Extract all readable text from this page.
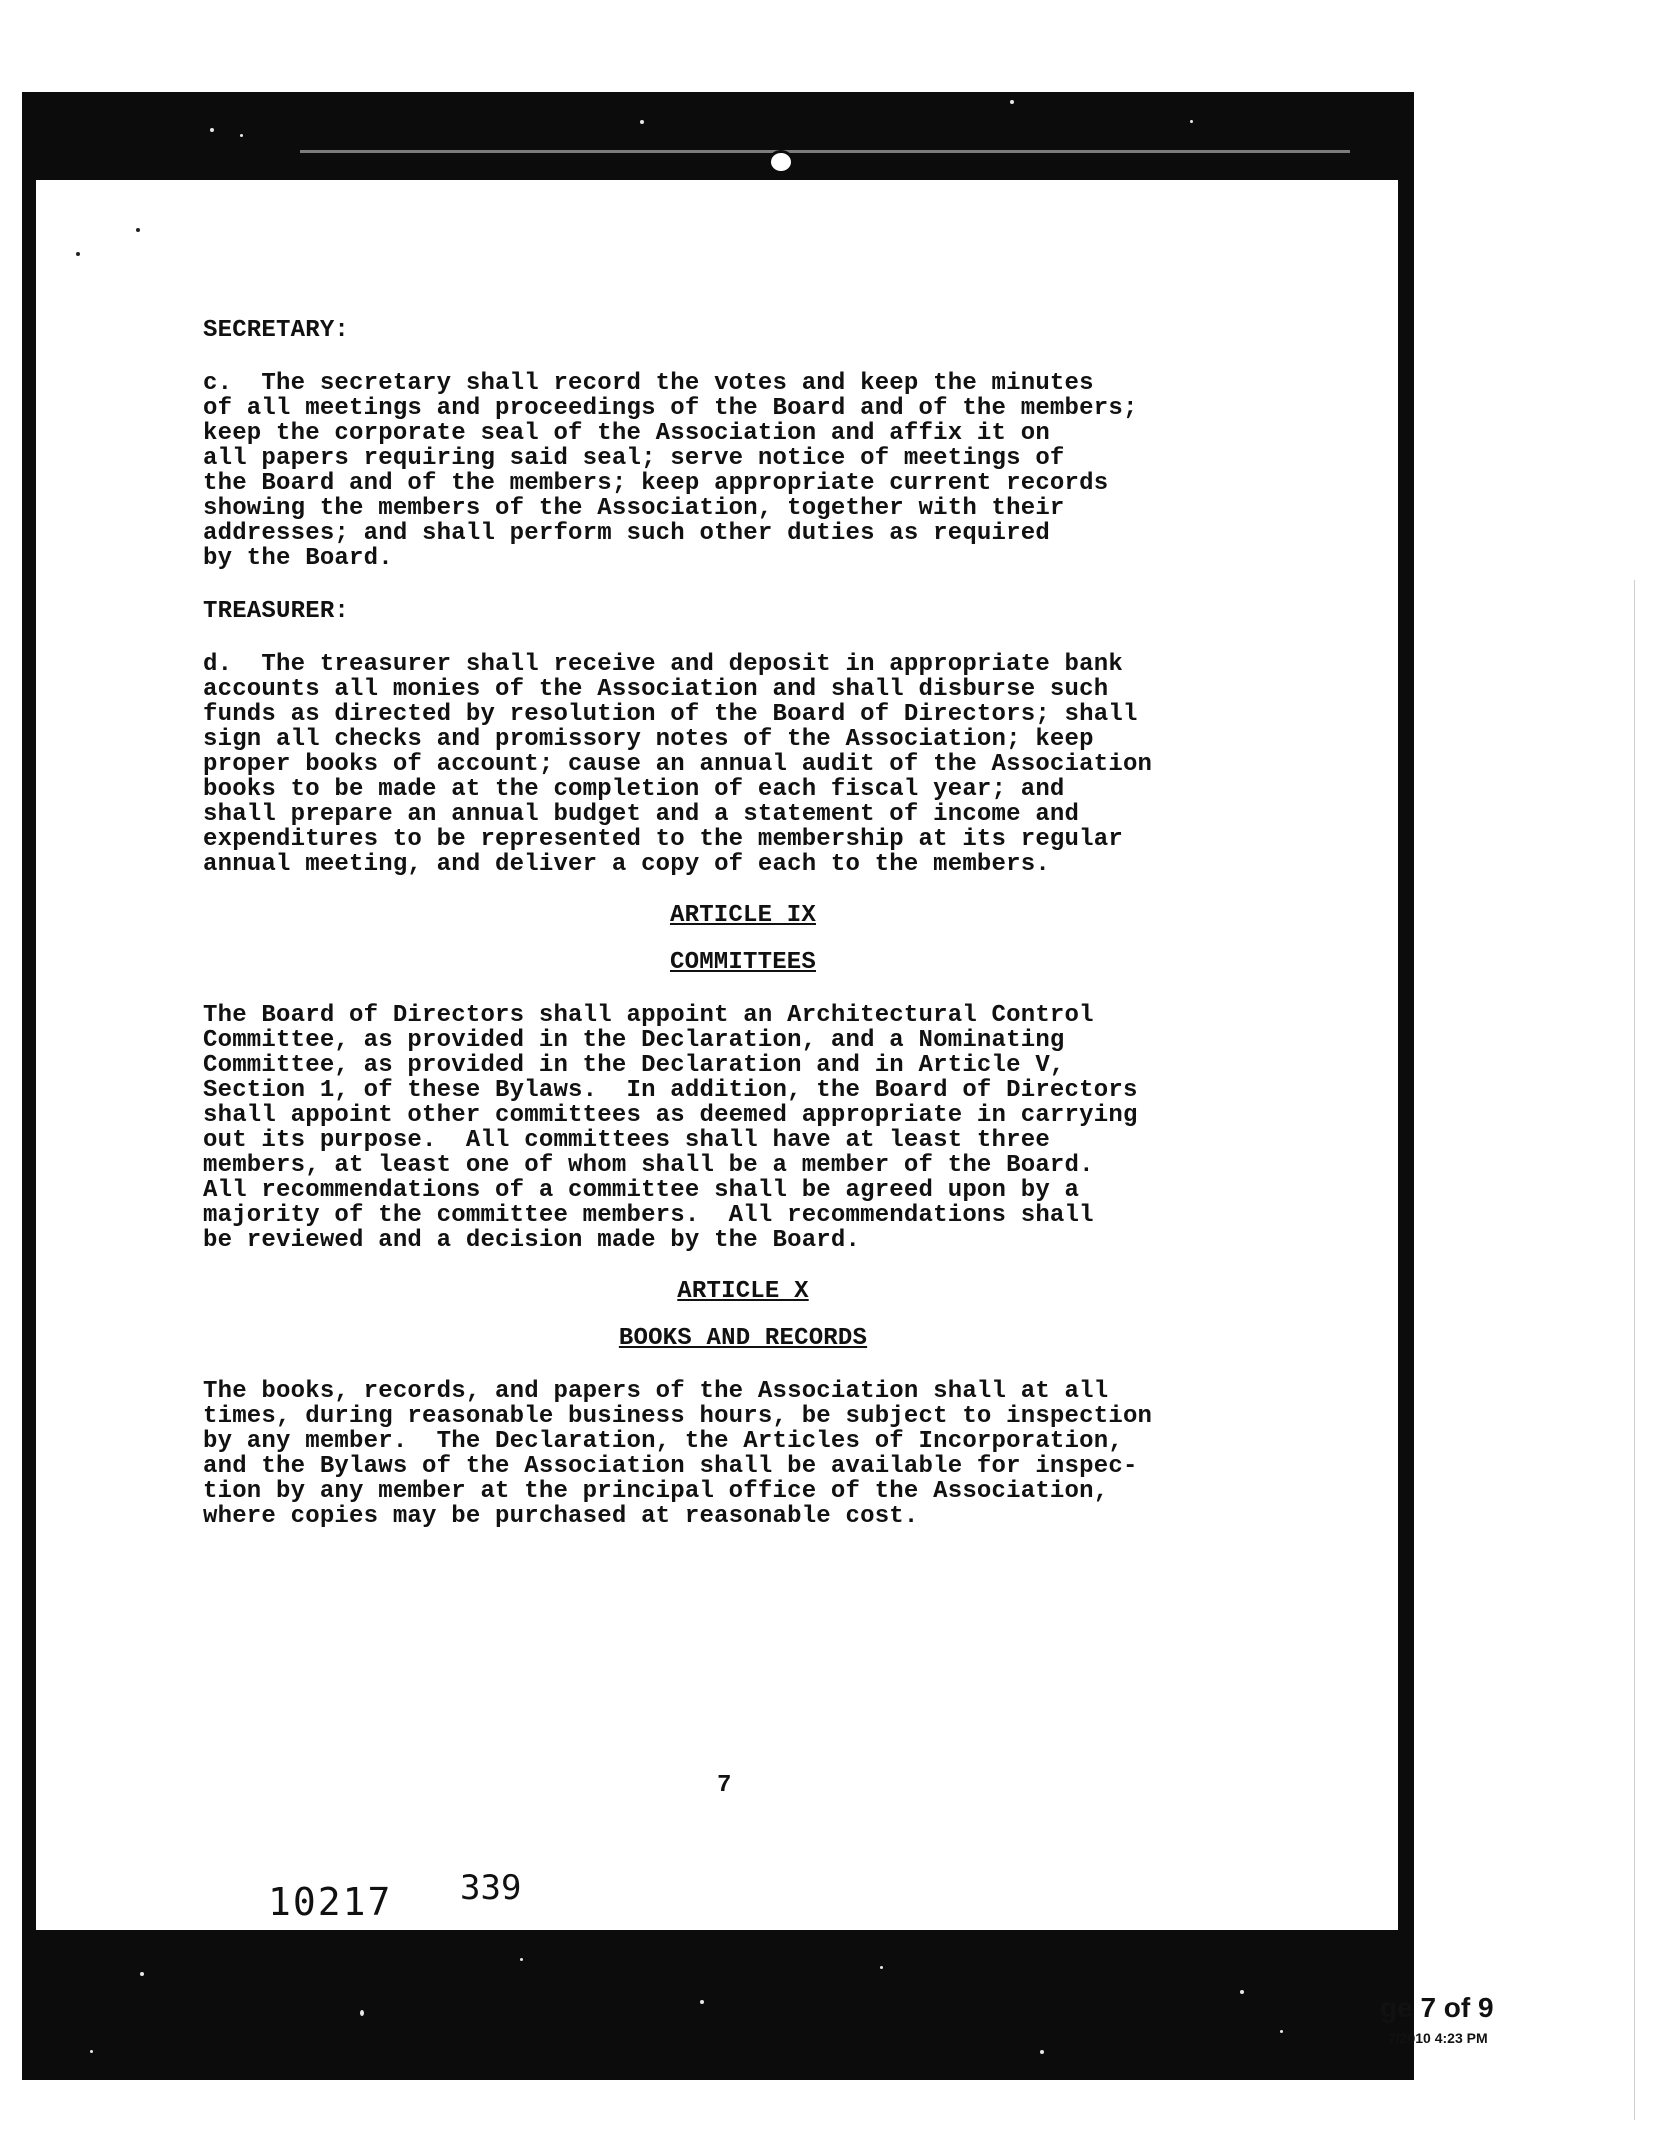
SECRETARY:

c.  The secretary shall record the votes and keep the minutes
of all meetings and proceedings of the Board and of the members;
keep the corporate seal of the Association and affix it on
all papers requiring said seal; serve notice of meetings of
the Board and of the members; keep appropriate current records
showing the members of the Association, together with their
addresses; and shall perform such other duties as required
by the Board.

TREASURER:

d.  The treasurer shall receive and deposit in appropriate bank
accounts all monies of the Association and shall disburse such
funds as directed by resolution of the Board of Directors; shall
sign all checks and promissory notes of the Association; keep
proper books of account; cause an annual audit of the Association
books to be made at the completion of each fiscal year; and
shall prepare an annual budget and a statement of income and
expenditures to be represented to the membership at its regular
annual meeting, and deliver a copy of each to the members.

ARTICLE IX

COMMITTEES

The Board of Directors shall appoint an Architectural Control
Committee, as provided in the Declaration, and a Nominating
Committee, as provided in the Declaration and in Article V,
Section 1, of these Bylaws.  In addition, the Board of Directors
shall appoint other committees as deemed appropriate in carrying
out its purpose.  All committees shall have at least three
members, at least one of whom shall be a member of the Board.
All recommendations of a committee shall be agreed upon by a
majority of the committee members.  All recommendations shall
be reviewed and a decision made by the Board.

ARTICLE X

BOOKS AND RECORDS

The books, records, and papers of the Association shall at all
times, during reasonable business hours, be subject to inspection
by any member.  The Declaration, the Articles of Incorporation,
and the Bylaws of the Association shall be available for inspec-
tion by any member at the principal office of the Association,
where copies may be purchased at reasonable cost.

7
10217 339
ge 7 of 9
7/2010 4:23 PM
